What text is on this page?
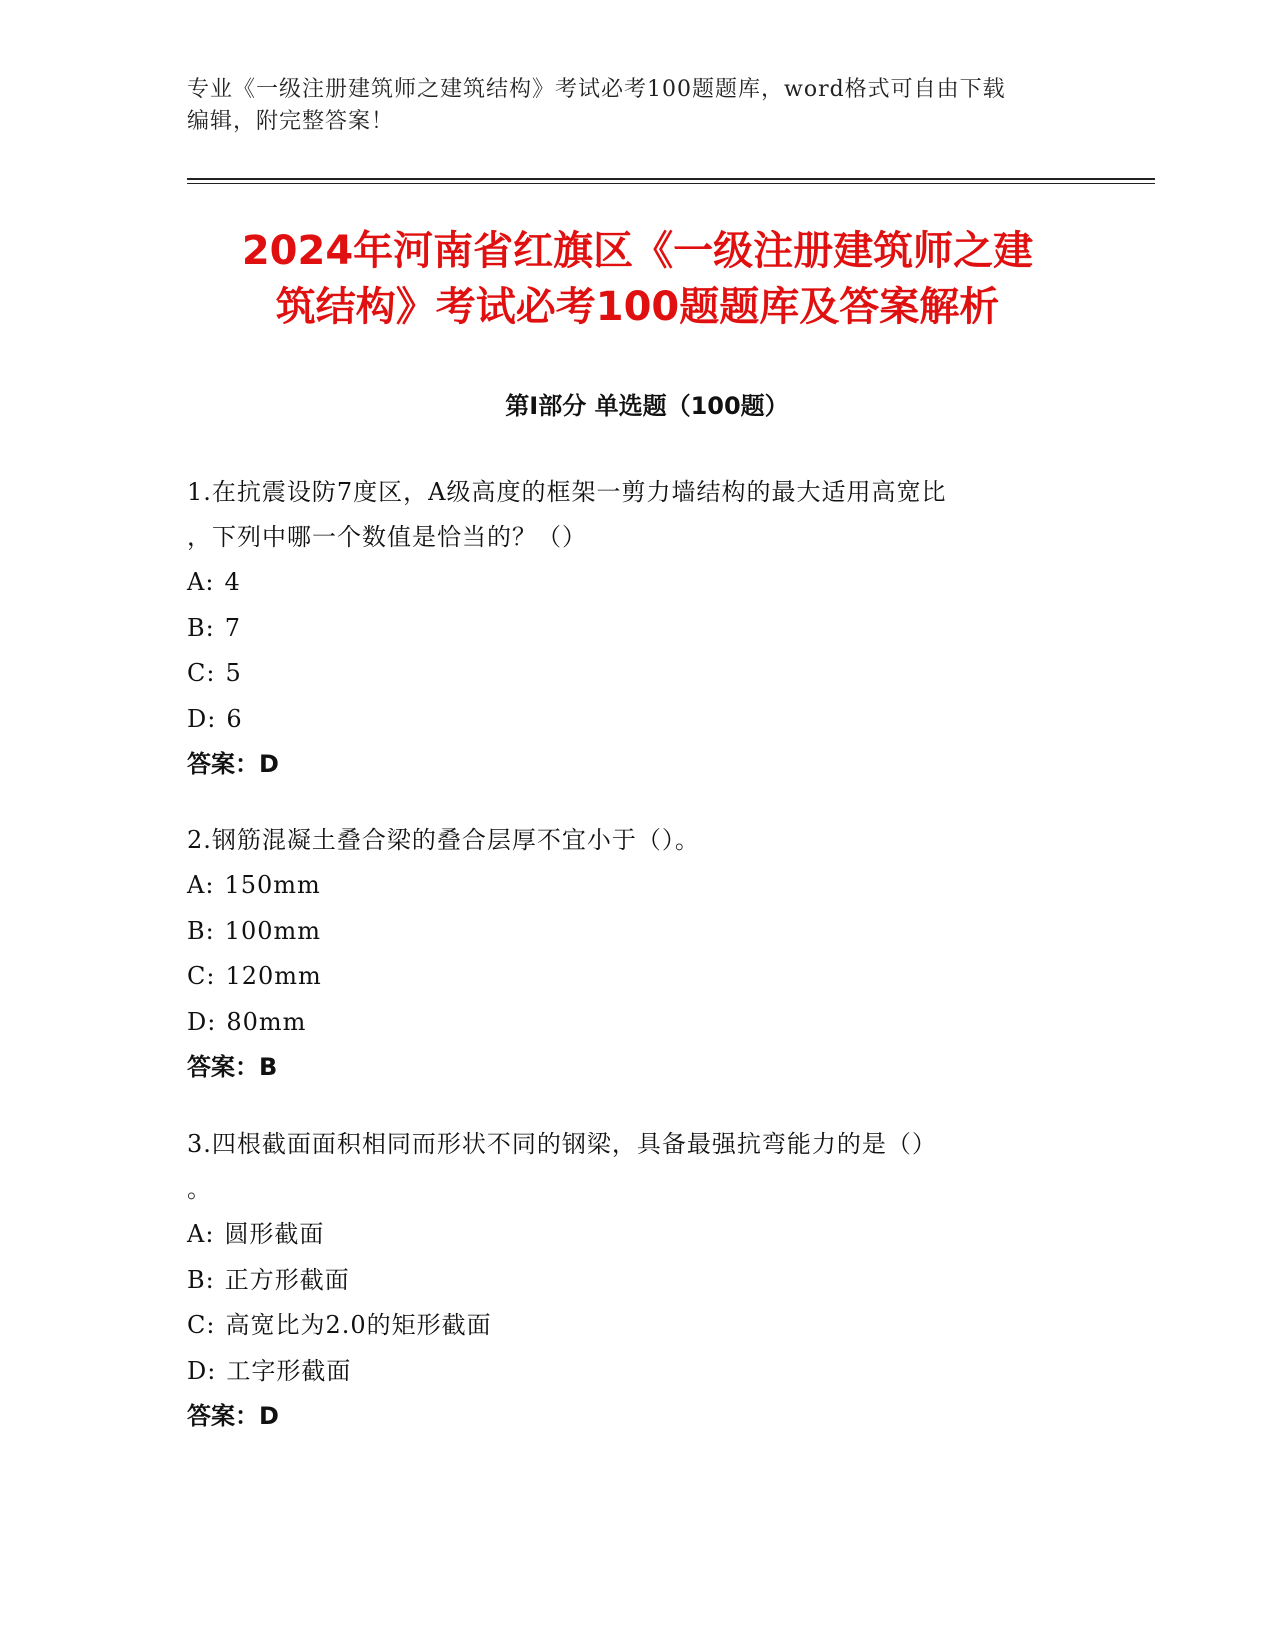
专业《一级注册建筑师之建筑结构》考试必考100题题库，word格式可自由下载
编辑，附完整答案！
2024年河南省红旗区《一级注册建筑师之建
筑结构》考试必考100题题库及答案解析
第Ⅰ部分 单选题（100题）
1.在抗震设防7度区，A级高度的框架一剪力墙结构的最大适用高宽比
，下列中哪一个数值是恰当的？（）
A: 4
B: 7
C: 5
D: 6
答案：D
2.钢筋混凝土叠合梁的叠合层厚不宜小于（）。
A: 150mm
B: 100mm
C: 120mm
D: 80mm
答案：B
3.四根截面面积相同而形状不同的钢梁，具备最强抗弯能力的是（）
。
A: 圆形截面
B: 正方形截面
C: 高宽比为2.0的矩形截面
D: 工字形截面
答案：D
